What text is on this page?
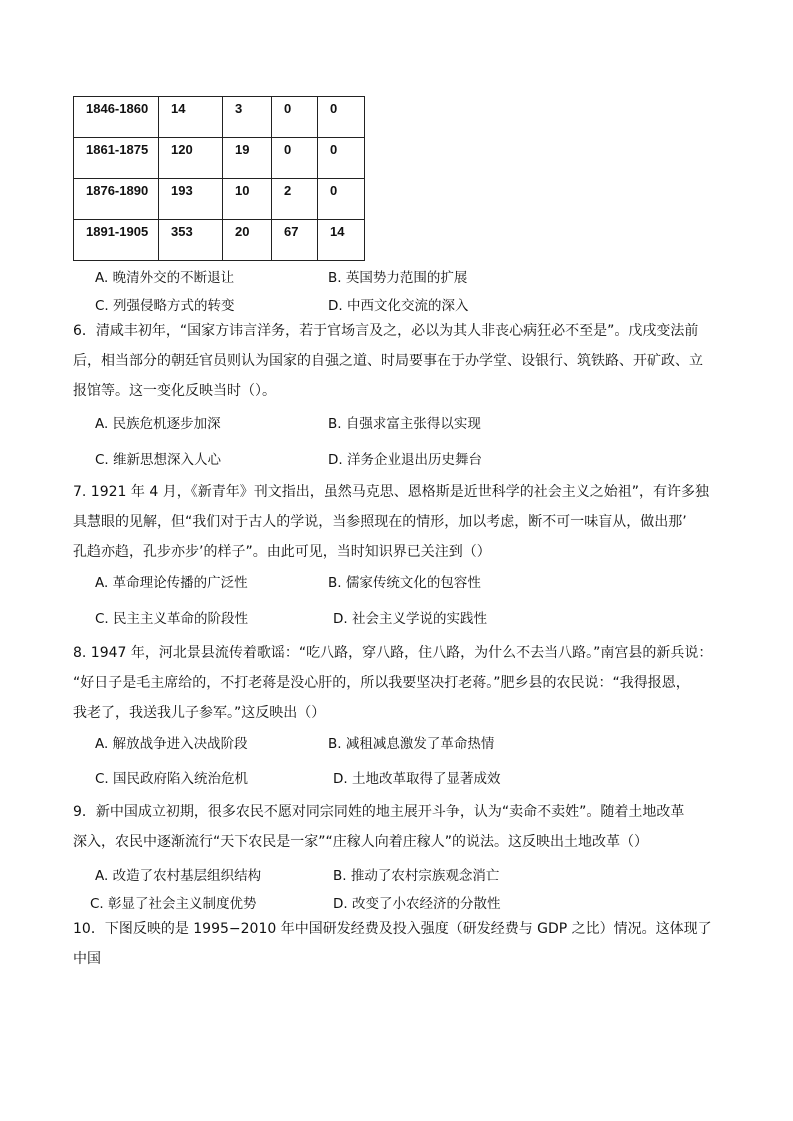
1846-1860	14	3	0	0
1861-1875	120	19	0	0
1876-1890	193	10	2	0
1891-1905	353	20	67	14
A. 晚清外交的不断退让	B. 英国势力范围的扩展
C. 列强侵略方式的转变	D. 中西文化交流的深入
6．清咸丰初年，“国家方讳言洋务，若于官场言及之，必以为其人非丧心病狂必不至是”。戊戌变法前
后，相当部分的朝廷官员则认为国家的自强之道、时局要事在于办学堂、设银行、筑铁路、开矿政、立
报馆等。这一变化反映当时（）。
A. 民族危机逐步加深	B. 自强求富主张得以实现
C. 维新思想深入人心	D. 洋务企业退出历史舞台
7. 1921 年 4 月，《新青年》刊文指出，虽然马克思、恩格斯是近世科学的社会主义之始祖”，有许多独
具慧眼的见解，但“我们对于古人的学说，当参照现在的情形，加以考虑，断不可一味盲从，做出那’
孔趋亦趋，孔步亦步’的样子”。由此可见，当时知识界已关注到（）
A. 革命理论传播的广泛性	B. 儒家传统文化的包容性
C. 民主主义革命的阶段性	D. 社会主义学说的实践性
8. 1947 年，河北景县流传着歌谣：“吃八路，穿八路，住八路，为什么不去当八路。”南宫县的新兵说：
“好日子是毛主席给的，不打老蒋是没心肝的，所以我要坚决打老蒋。”肥乡县的农民说：“我得报恩，
我老了，我送我儿子参军。”这反映出（）
A. 解放战争进入决战阶段	B. 减租减息激发了革命热情
C. 国民政府陷入统治危机	D. 土地改革取得了显著成效
9．新中国成立初期，很多农民不愿对同宗同姓的地主展开斗争，认为“卖命不卖姓”。随着土地改革
深入，农民中逐渐流行“天下农民是一家”“庄稼人向着庄稼人”的说法。这反映出土地改革（）
A. 改造了农村基层组织结构	B. 推动了农村宗族观念消亡
C. 彰显了社会主义制度优势	D. 改变了小农经济的分散性
10．下图反映的是 1995−2010 年中国研发经费及投入强度（研发经费与 GDP 之比）情况。这体现了中国
